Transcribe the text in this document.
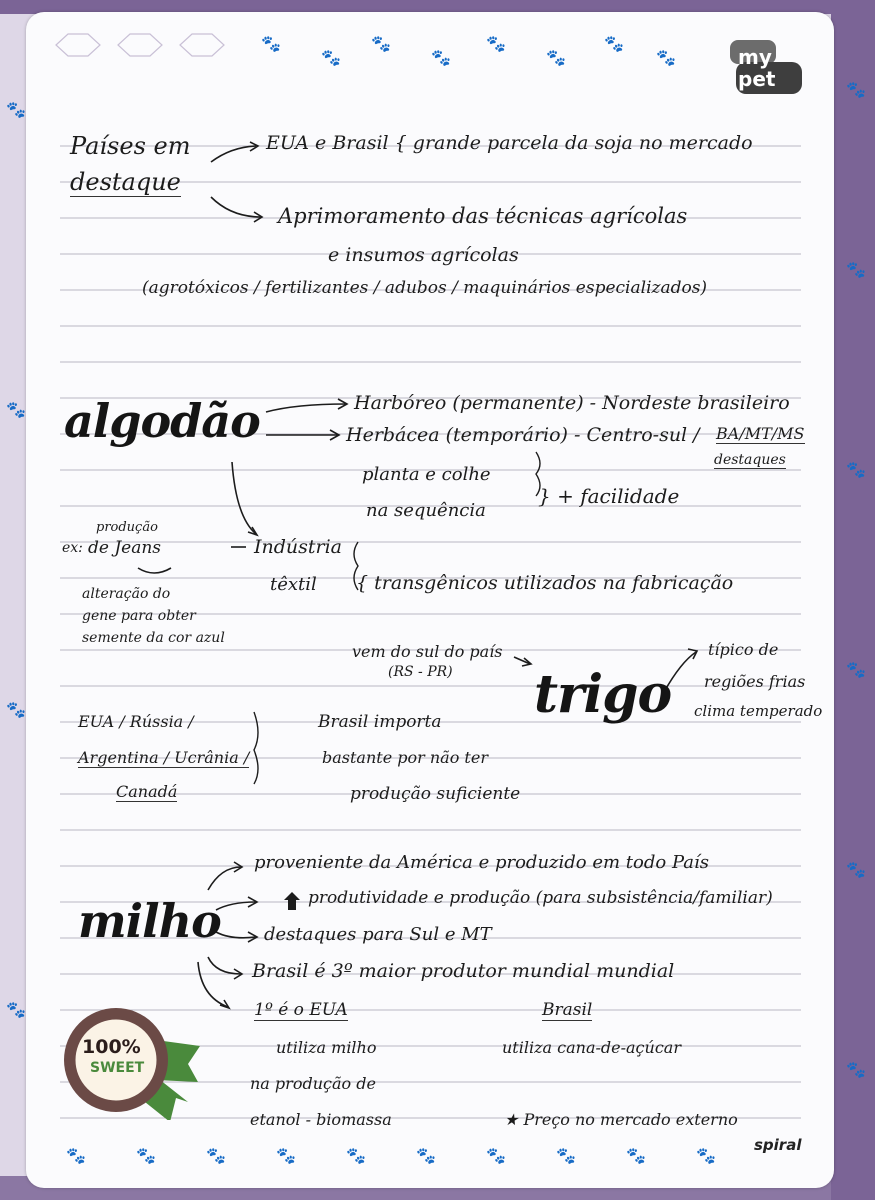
🐾
🐾
🐾
🐾
🐾
🐾
🐾
🐾	my pet
Países em
destaque
EUA e Brasil { grande parcela da soja no mercado
Aprimoramento das técnicas agrícolas
e insumos agrícolas
(agrotóxicos / fertilizantes / adubos / maquinários especializados)
algodão	Harbóreo (permanente) - Nordeste brasileiro
Herbácea (temporário) - Centro-sul / BA/MT/MS
destaques
planta e colhe
na sequência
} + facilidade
ex:
produção
de Jeans	Indústria
têxtil { transgênicos utilizados na fabricação
alteração do
gene para obter
semente da cor azul
vem do sul do país
(RS - PR) trigo
típico de
regiões frias
clima temperado
EUA / Rússia /
Argentina / Ucrânia /
Canadá
Brasil importa
bastante por não ter
produção suficiente
milho
proveniente da América e produzido em todo País
produtividade e produção (para subsistência/familiar)
destaques para Sul e MT
Brasil é 3º maior produtor mundial mundial
1º é o EUA
utiliza milho
na produção de
etanol - biomassa
Brasil
utiliza cana-de-açúcar
★ Preço no mercado externo
100%
SWEET
🐾	🐾	🐾	🐾	🐾	🐾	🐾	🐾	🐾	🐾
spiral
🐾
🐾
🐾
🐾
🐾
🐾
🐾
🐾
🐾
🐾
